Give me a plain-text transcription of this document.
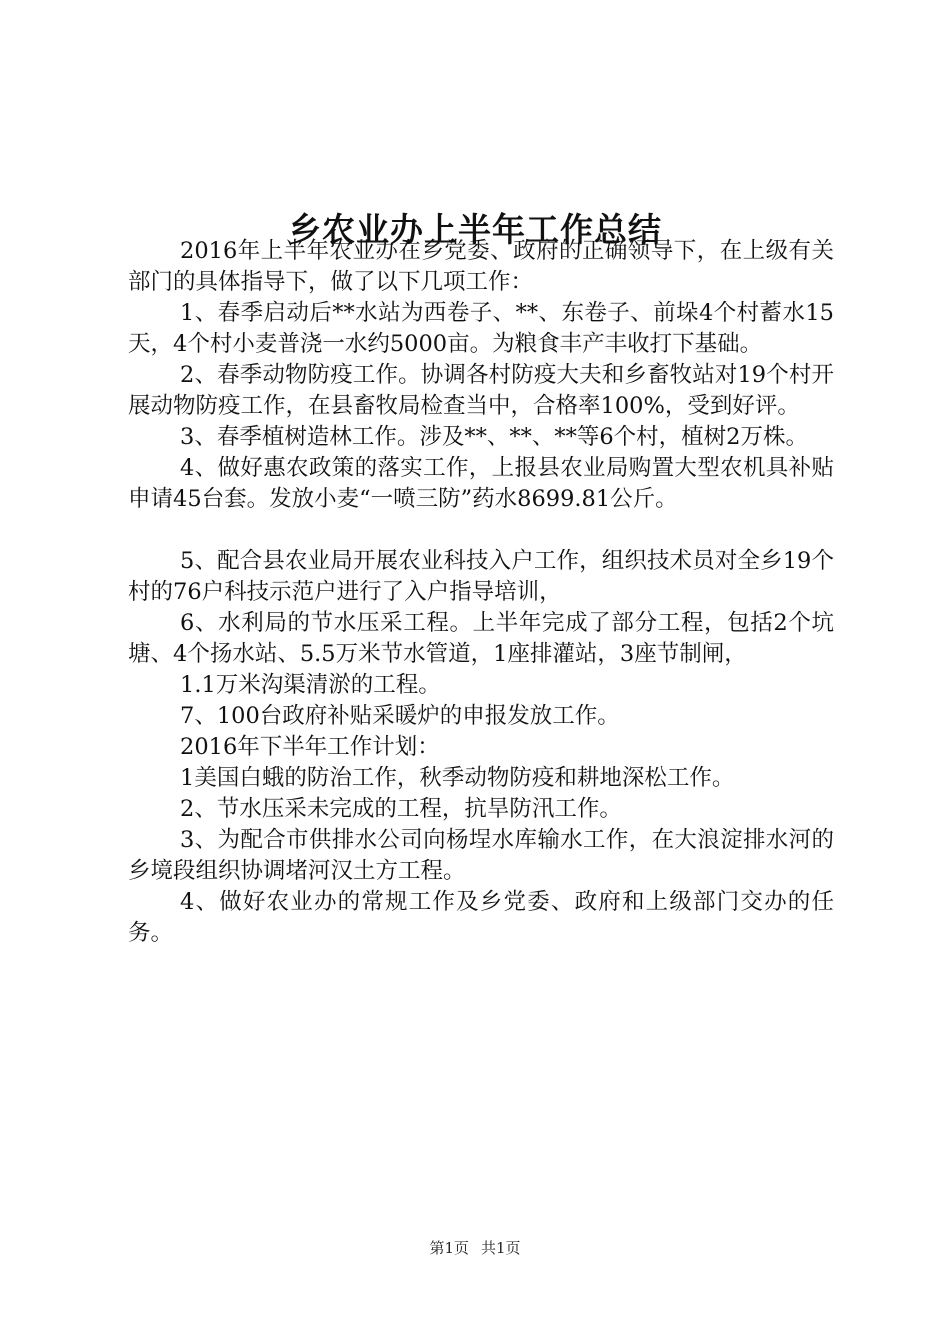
乡农业办上半年工作总结

2016年上半年农业办在乡党委、政府的正确领导下，在上级有关部门的具体指导下，做了以下几项工作：

1、春季启动后**水站为西卷子、**、东卷子、前垛4个村蓄水15天，4个村小麦普浇一水约5000亩。为粮食丰产丰收打下基础。

2、春季动物防疫工作。协调各村防疫大夫和乡畜牧站对19个村开展动物防疫工作，在县畜牧局检查当中，合格率100%，受到好评。

3、春季植树造林工作。涉及**、**、**等6个村，植树2万株。

4、做好惠农政策的落实工作，上报县农业局购置大型农机具补贴申请45台套。发放小麦“一喷三防”药水8699.81公斤。

5、配合县农业局开展农业科技入户工作，组织技术员对全乡19个村的76户科技示范户进行了入户指导培训，

6、水利局的节水压采工程。上半年完成了部分工程，包括2个坑塘、4个扬水站、5.5万米节水管道，1座排灌站，3座节制闸，

1.1万米沟渠清淤的工程。

7、100台政府补贴采暖炉的申报发放工作。

2016年下半年工作计划：

1美国白蛾的防治工作，秋季动物防疫和耕地深松工作。

2、节水压采未完成的工程，抗旱防汛工作。

3、为配合市供排水公司向杨埕水库输水工作，在大浪淀排水河的乡境段组织协调堵河汉土方工程。

4、做好农业办的常规工作及乡党委、政府和上级部门交办的任务。

第1页 共1页
